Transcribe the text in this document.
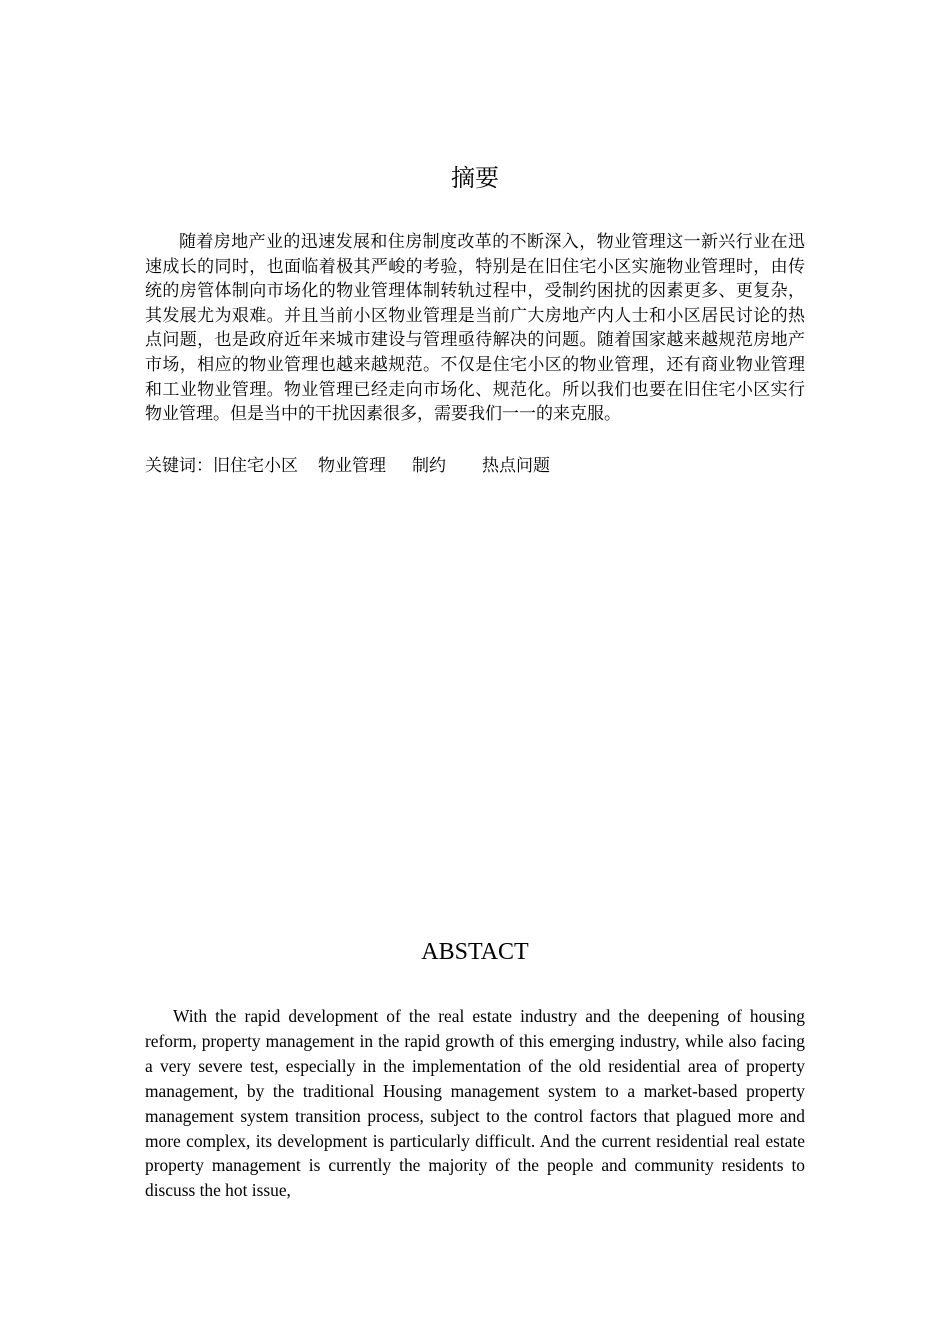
摘要

随着房地产业的迅速发展和住房制度改革的不断深入，物业管理这一新兴行业在迅速成长的同时，也面临着极其严峻的考验，特别是在旧住宅小区实施物业管理时，由传统的房管体制向市场化的物业管理体制转轨过程中，受制约困扰的因素更多、更复杂，其发展尤为艰难。并且当前小区物业管理是当前广大房地产内人士和小区居民讨论的热点问题，也是政府近年来城市建设与管理亟待解决的问题。随着国家越来越规范房地产市场，相应的物业管理也越来越规范。不仅是住宅小区的物业管理，还有商业物业管理和工业物业管理。物业管理已经走向市场化、规范化。所以我们也要在旧住宅小区实行物业管理。但是当中的干扰因素很多，需要我们一一的来克服。

关键词：旧住宅小区 物业管理 制约 热点问题
ABSTACT

With the rapid development of the real estate industry and the deepening of housing reform, property management in the rapid growth of this emerging industry, while also facing a very severe test, especially in the implementation of the old residential area of property management, by the traditional Housing management system to a market-based property management system transition process, subject to the control factors that plagued more and more complex, its development is particularly difficult. And the current residential real estate property management is currently the majority of the people and community residents to discuss the hot issue,
